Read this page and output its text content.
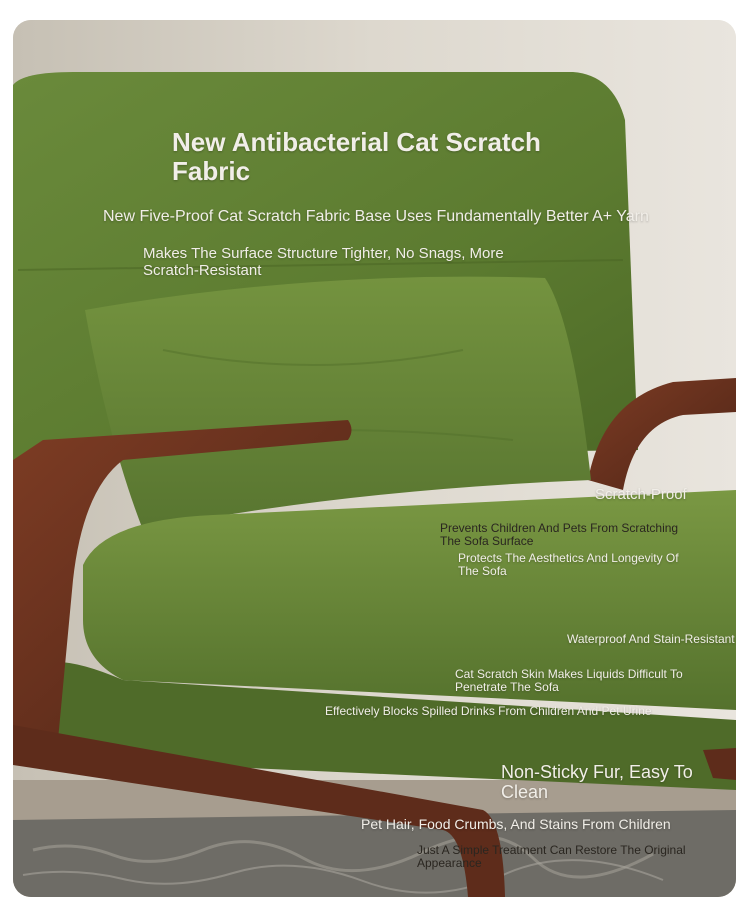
New Antibacterial Cat Scratch Fabric

New Five-Proof Cat Scratch Fabric Base Uses Fundamentally Better A+ Yarn

Makes The Surface Structure Tighter, No Snags, More Scratch-Resistant

Scratch-Proof

Prevents Children And Pets From Scratching The Sofa Surface

Protects The Aesthetics And Longevity Of The Sofa

Waterproof And Stain-Resistant

Cat Scratch Skin Makes Liquids Difficult To Penetrate The Sofa

Effectively Blocks Spilled Drinks From Children And Pet Urine

Non-Sticky Fur, Easy To Clean

Pet Hair, Food Crumbs, And Stains From Children

Just A Simple Treatment Can Restore The Original Appearance
